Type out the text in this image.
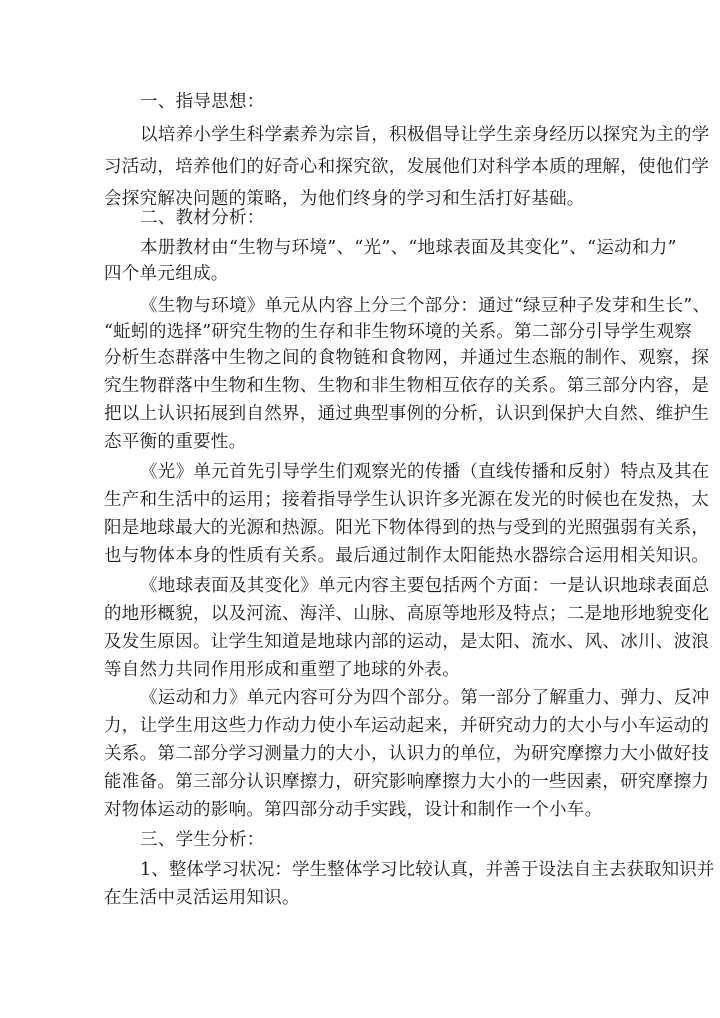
一、指导思想：
以培养小学生科学素养为宗旨，积极倡导让学生亲身经历以探究为主的学
习活动，培养他们的好奇心和探究欲，发展他们对科学本质的理解，使他们学
会探究解决问题的策略，为他们终身的学习和生活打好基础。
二、教材分析：
本册教材由“生物与环境”、“光”、“地球表面及其变化”、“运动和力”
四个单元组成。
《生物与环境》单元从内容上分三个部分：通过“绿豆种子发芽和生长”、
“蚯蚓的选择”研究生物的生存和非生物环境的关系。第二部分引导学生观察
分析生态群落中生物之间的食物链和食物网，并通过生态瓶的制作、观察，探
究生物群落中生物和生物、生物和非生物相互依存的关系。第三部分内容，是
把以上认识拓展到自然界，通过典型事例的分析，认识到保护大自然、维护生
态平衡的重要性。
《光》单元首先引导学生们观察光的传播（直线传播和反射）特点及其在
生产和生活中的运用；接着指导学生认识许多光源在发光的时候也在发热，太
阳是地球最大的光源和热源。阳光下物体得到的热与受到的光照强弱有关系，
也与物体本身的性质有关系。最后通过制作太阳能热水器综合运用相关知识。
《地球表面及其变化》单元内容主要包括两个方面：一是认识地球表面总
的地形概貌，以及河流、海洋、山脉、高原等地形及特点；二是地形地貌变化
及发生原因。让学生知道是地球内部的运动，是太阳、流水、风、冰川、波浪
等自然力共同作用形成和重塑了地球的外表。
《运动和力》单元内容可分为四个部分。第一部分了解重力、弹力、反冲
力，让学生用这些力作动力使小车运动起来，并研究动力的大小与小车运动的
关系。第二部分学习测量力的大小，认识力的单位，为研究摩擦力大小做好技
能准备。第三部分认识摩擦力，研究影响摩擦力大小的一些因素，研究摩擦力
对物体运动的影响。第四部分动手实践，设计和制作一个小车。
三、学生分析：
1、整体学习状况：学生整体学习比较认真，并善于设法自主去获取知识并
在生活中灵活运用知识。
